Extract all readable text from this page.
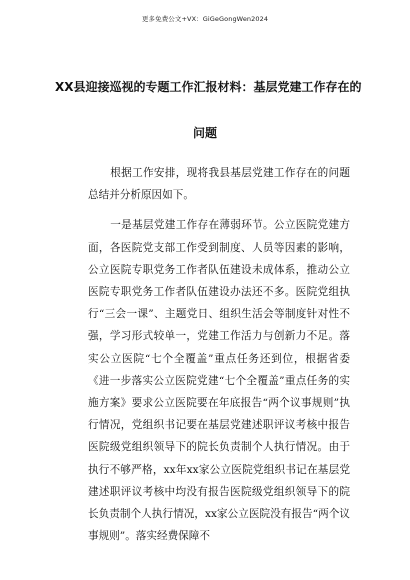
更多免费公文+VX：GiGeGongWen2024
XX县迎接巡视的专题工作汇报材料：基层党建工作存在的
问题

根据工作安排，现将我县基层党建工作存在的问题总结并分析原因如下。

一是基层党建工作存在薄弱环节。公立医院党建方面，各医院党支部工作受到制度、人员等因素的影响，公立医院专职党务工作者队伍建设未成体系，推动公立医院专职党务工作者队伍建设办法还不多。医院党组执行“三会一课”、主题党日、组织生活会等制度针对性不强，学习形式较单一，党建工作活力与创新力不足。落实公立医院“七个全覆盖”重点任务还到位，根据省委《进一步落实公立医院党建“七个全覆盖”重点任务的实施方案》要求公立医院要在年底报告“两个议事规则”执行情况，党组织书记要在基层党建述职评议考核中报告医院级党组织领导下的院长负责制个人执行情况。由于执行不够严格，xx年xx家公立医院党组织书记在基层党建述职评议考核中均没有报告医院级党组织领导下的院长负责制个人执行情况，xx家公立医院没有报告“两个议事规则”。落实经费保障不
